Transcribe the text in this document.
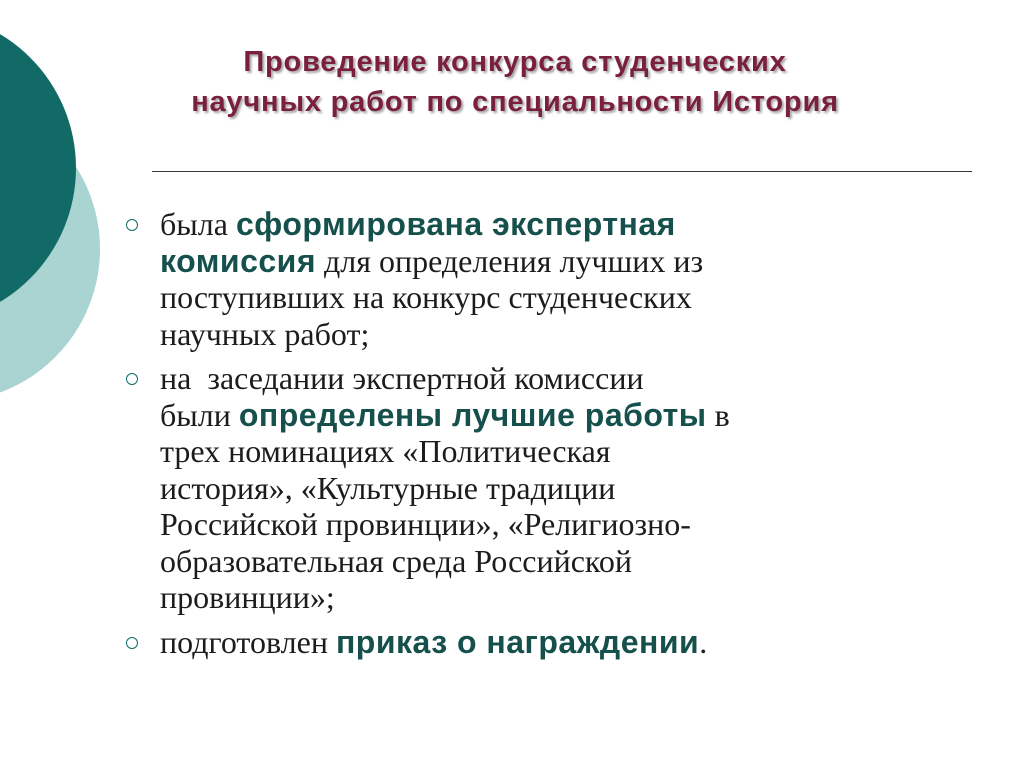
Проведение конкурса студенческих
научных работ по специальности История
была сформирована экспертная
комиссия для определения лучших из
поступивших на конкурс студенческих
научных работ;
на  заседании экспертной комиссии
были определены лучшие работы в
трех номинациях «Политическая
история», «Культурные традиции
Российской провинции», «Религиозно-
образовательная среда Российской
провинции»;
подготовлен приказ о награждении.
